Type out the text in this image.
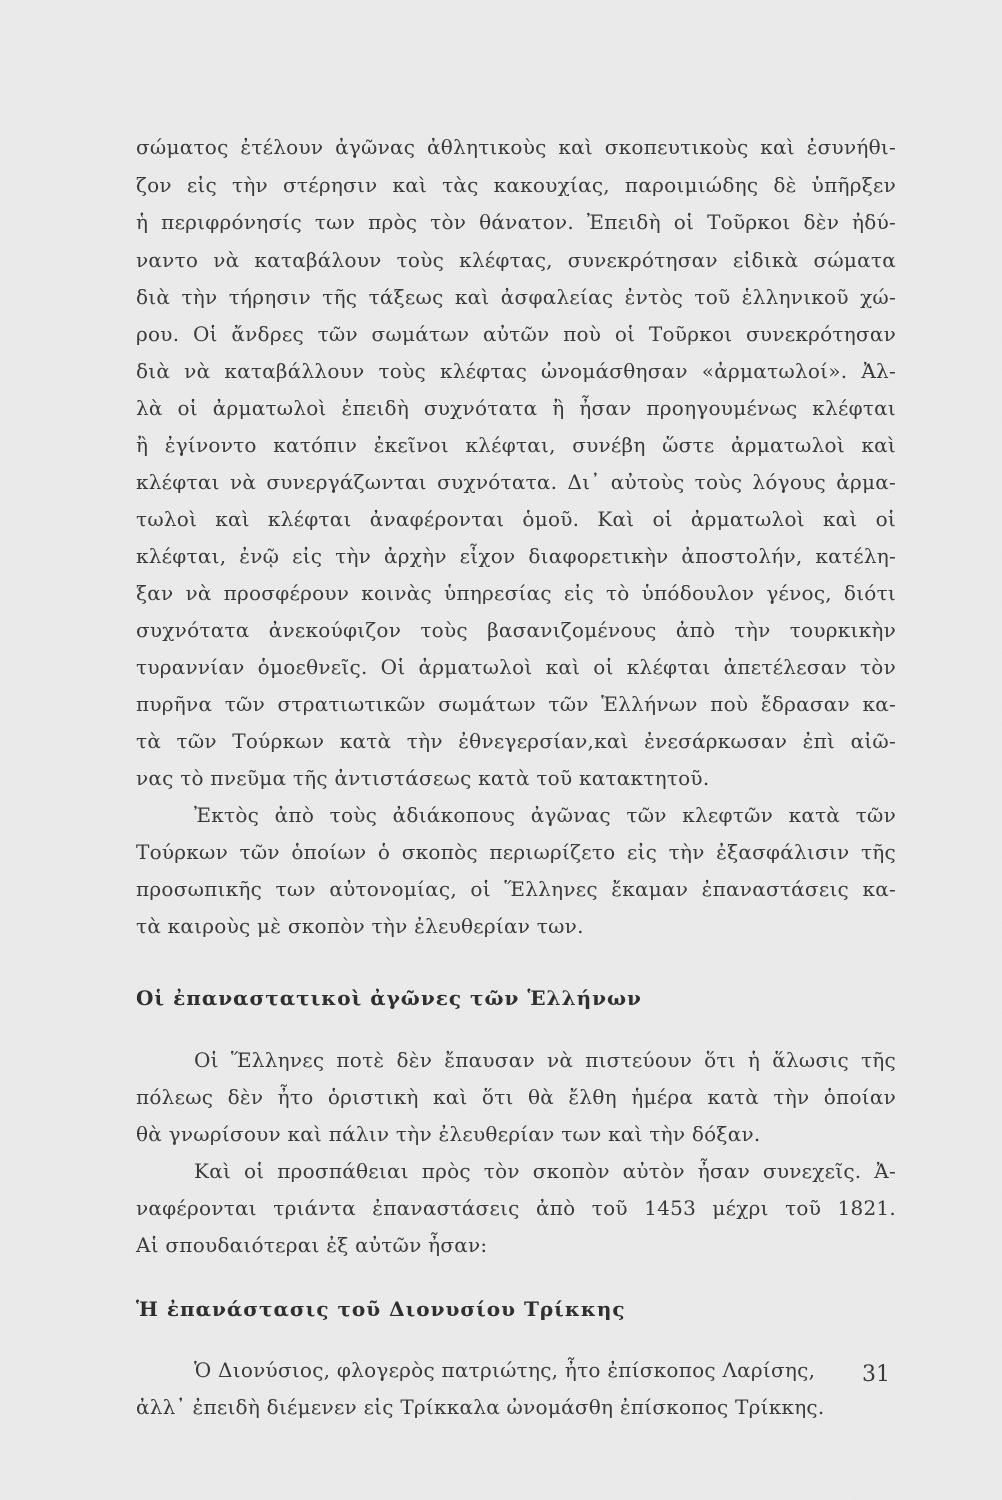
σώματος ἐτέλουν ἀγῶνας ἀθλητικοὺς καὶ σκοπευτικοὺς καὶ ἐσυνήθι-
ζον εἰς τὴν στέρησιν καὶ τὰς κακουχίας, παροιμιώδης δὲ ὑπῆρξεν
ἡ περιφρόνησίς των πρὸς τὸν θάνατον. Ἐπειδὴ οἱ Τοῦρκοι δὲν ἠδύ-
ναντο νὰ καταβάλουν τοὺς κλέφτας, συνεκρότησαν εἰδικὰ σώματα
διὰ τὴν τήρησιν τῆς τάξεως καὶ ἀσφαλείας ἐντὸς τοῦ ἑλληνικοῦ χώ-
ρου. Οἱ ἄνδρες τῶν σωμάτων αὐτῶν ποὺ οἱ Τοῦρκοι συνεκρότησαν
διὰ νὰ καταβάλλουν τοὺς κλέφτας ὠνομάσθησαν «ἀρματωλοί». Ἀλ-
λὰ οἱ ἀρματωλοὶ ἐπειδὴ συχνότατα ἢ ἦσαν προηγουμένως κλέφται
ἢ ἐγίνοντο κατόπιν ἐκεῖνοι κλέφται, συνέβη ὥστε ἀρματωλοὶ καὶ
κλέφται νὰ συνεργάζωνται συχνότατα. Δι᾽ αὐτοὺς τοὺς λόγους ἀρμα-
τωλοὶ καὶ κλέφται ἀναφέρονται ὁμοῦ. Καὶ οἱ ἀρματωλοὶ καὶ οἱ
κλέφται, ἐνῷ εἰς τὴν ἀρχὴν εἶχον διαφορετικὴν ἀποστολήν, κατέλη-
ξαν νὰ προσφέρουν κοινὰς ὑπηρεσίας εἰς τὸ ὑπόδουλον γένος, διότι
συχνότατα ἀνεκούφιζον τοὺς βασανιζομένους ἀπὸ τὴν τουρκικὴν
τυραννίαν ὁμοεθνεῖς. Οἱ ἀρματωλοὶ καὶ οἱ κλέφται ἀπετέλεσαν τὸν
πυρῆνα τῶν στρατιωτικῶν σωμάτων τῶν Ἑλλήνων ποὺ ἔδρασαν κα-
τὰ τῶν Τούρκων κατὰ τὴν ἐθνεγερσίαν,καὶ ἐνεσάρκωσαν ἐπὶ αἰῶ-
νας τὸ πνεῦμα τῆς ἀντιστάσεως κατὰ τοῦ κατακτητοῦ.
Ἐκτὸς ἀπὸ τοὺς ἀδιάκοπους ἀγῶνας τῶν κλεφτῶν κατὰ τῶν
Τούρκων τῶν ὁποίων ὁ σκοπὸς περιωρίζετο εἰς τὴν ἐξασφάλισιν τῆς
προσωπικῆς των αὐτονομίας, οἱ Ἕλληνες ἔκαμαν ἐπαναστάσεις κα-
τὰ καιροὺς μὲ σκοπὸν τὴν ἐλευθερίαν των.
Οἱ ἐπαναστατικοὶ ἀγῶνες τῶν Ἑλλήνων
Οἱ Ἕλληνες ποτὲ δὲν ἔπαυσαν νὰ πιστεύουν ὅτι ἡ ἅλωσις τῆς
πόλεως δὲν ἦτο ὁριστικὴ καὶ ὅτι θὰ ἔλθη ἡμέρα κατὰ τὴν ὁποίαν
θὰ γνωρίσουν καὶ πάλιν τὴν ἐλευθερίαν των καὶ τὴν δόξαν.
Καὶ οἱ προσπάθειαι πρὸς τὸν σκοπὸν αὐτὸν ἦσαν συνεχεῖς. Ἀ-
ναφέρονται τριάντα ἐπαναστάσεις ἀπὸ τοῦ 1453 μέχρι τοῦ 1821.
Αἱ σπουδαιότεραι ἐξ αὐτῶν ἦσαν:
Ἡ ἐπανάστασις τοῦ Διονυσίου Τρίκκης
Ὁ Διονύσιος, φλογερὸς πατριώτης, ἦτο ἐπίσκοπος Λαρίσης,
ἀλλ᾽ ἐπειδὴ διέμενεν εἰς Τρίκκαλα ὠνομάσθη ἐπίσκοπος Τρίκκης.
31
